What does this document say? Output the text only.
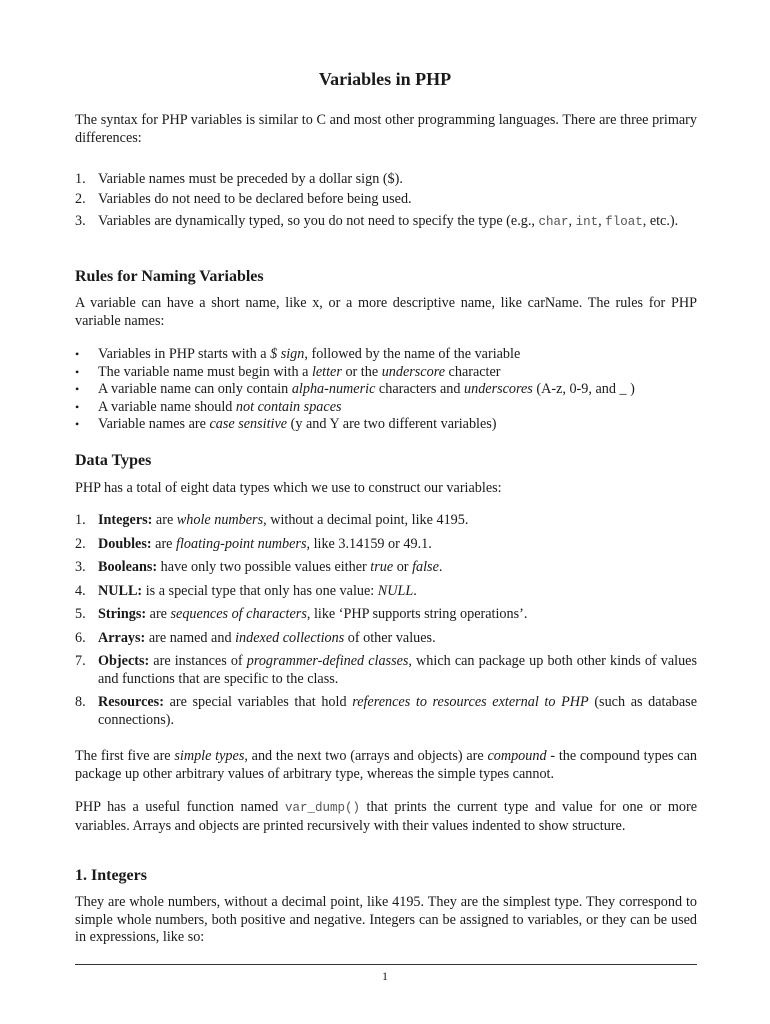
Variables in PHP
The syntax for PHP variables is similar to C and most other programming languages. There are three primary differences:
1. Variable names must be preceded by a dollar sign ($).
2. Variables do not need to be declared before being used.
3. Variables are dynamically typed, so you do not need to specify the type (e.g., char, int, float, etc.).
Rules for Naming Variables
A variable can have a short name, like x, or a more descriptive name, like carName. The rules for PHP variable names:
•	Variables in PHP starts with a $ sign, followed by the name of the variable
•	The variable name must begin with a letter or the underscore character
•	A variable name can only contain alpha-numeric characters and underscores (A-z, 0-9, and _ )
•	A variable name should not contain spaces
•	Variable names are case sensitive (y and Y are two different variables)
Data Types
PHP has a total of eight data types which we use to construct our variables:
1. Integers: are whole numbers, without a decimal point, like 4195.
2. Doubles: are floating-point numbers, like 3.14159 or 49.1.
3. Booleans: have only two possible values either true or false.
4. NULL: is a special type that only has one value: NULL.
5. Strings: are sequences of characters, like ‘PHP supports string operations’.
6. Arrays: are named and indexed collections of other values.
7. Objects: are instances of programmer-defined classes, which can package up both other kinds of values and functions that are specific to the class.
8. Resources: are special variables that hold references to resources external to PHP (such as database connections).
The first five are simple types, and the next two (arrays and objects) are compound - the compound types can package up other arbitrary values of arbitrary type, whereas the simple types cannot.
PHP has a useful function named var_dump() that prints the current type and value for one or more variables. Arrays and objects are printed recursively with their values indented to show structure.
1. Integers
They are whole numbers, without a decimal point, like 4195. They are the simplest type. They correspond to simple whole numbers, both positive and negative. Integers can be assigned to variables, or they can be used in expressions, like so:
1
